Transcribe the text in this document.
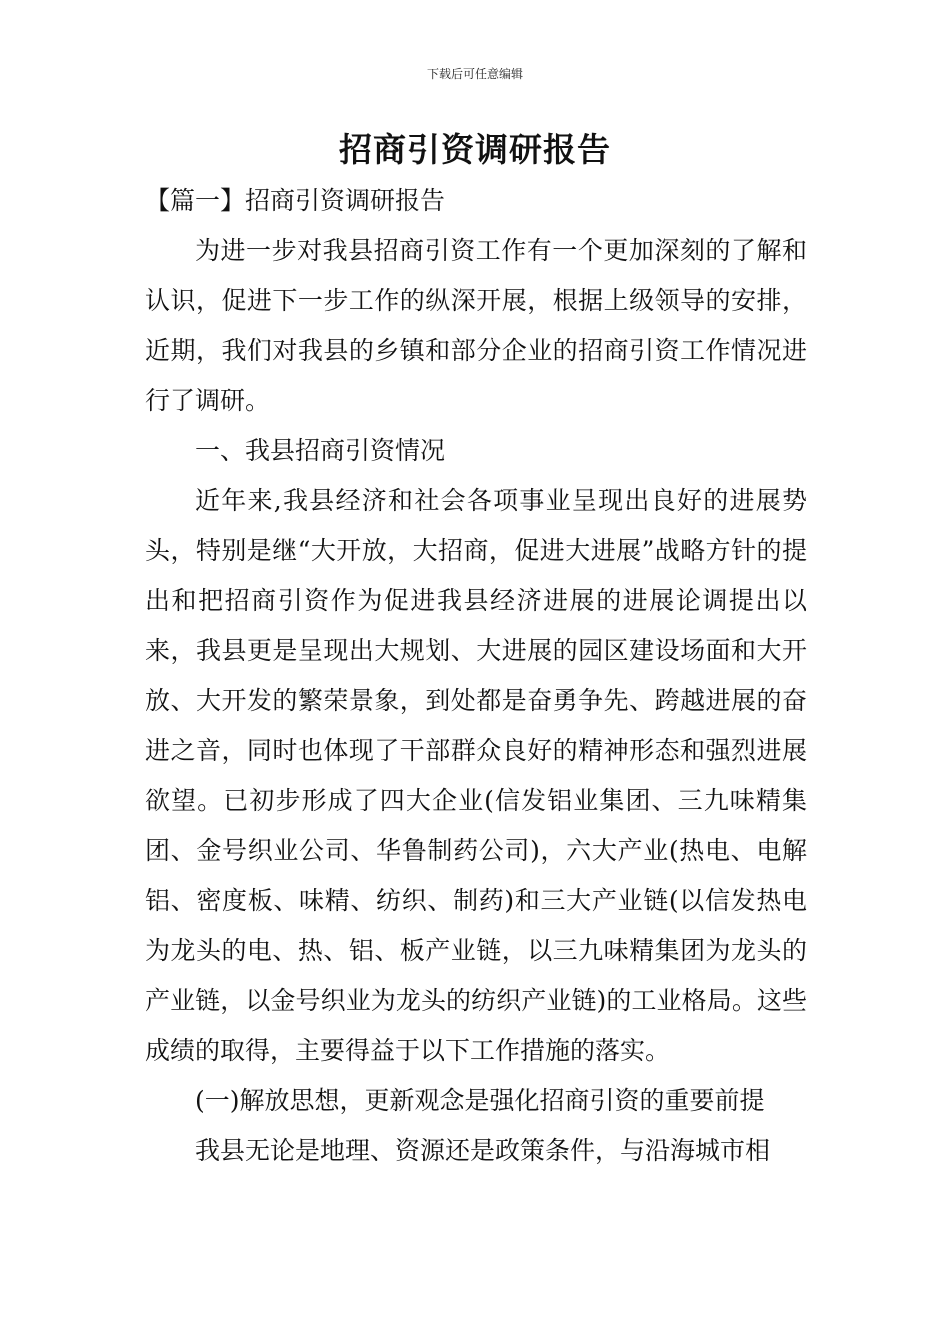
下载后可任意编辑
招商引资调研报告

【篇一】招商引资调研报告

为进一步对我县招商引资工作有一个更加深刻的了解和认识，促进下一步工作的纵深开展，根据上级领导的安排，近期，我们对我县的乡镇和部分企业的招商引资工作情况进行了调研。

一、我县招商引资情况

近年来,我县经济和社会各项事业呈现出良好的进展势头，特别是继“大开放，大招商，促进大进展”战略方针的提出和把招商引资作为促进我县经济进展的进展论调提出以来，我县更是呈现出大规划、大进展的园区建设场面和大开放、大开发的繁荣景象，到处都是奋勇争先、跨越进展的奋进之音，同时也体现了干部群众良好的精神形态和强烈进展欲望。已初步形成了四大企业(信发铝业集团、三九味精集团、金号织业公司、华鲁制药公司)，六大产业(热电、电解铝、密度板、味精、纺织、制药)和三大产业链(以信发热电为龙头的电、热、铝、板产业链，以三九味精集团为龙头的产业链，以金号织业为龙头的纺织产业链)的工业格局。这些成绩的取得，主要得益于以下工作措施的落实。

(一)解放思想，更新观念是强化招商引资的重要前提

我县无论是地理、资源还是政策条件，与沿海城市相
